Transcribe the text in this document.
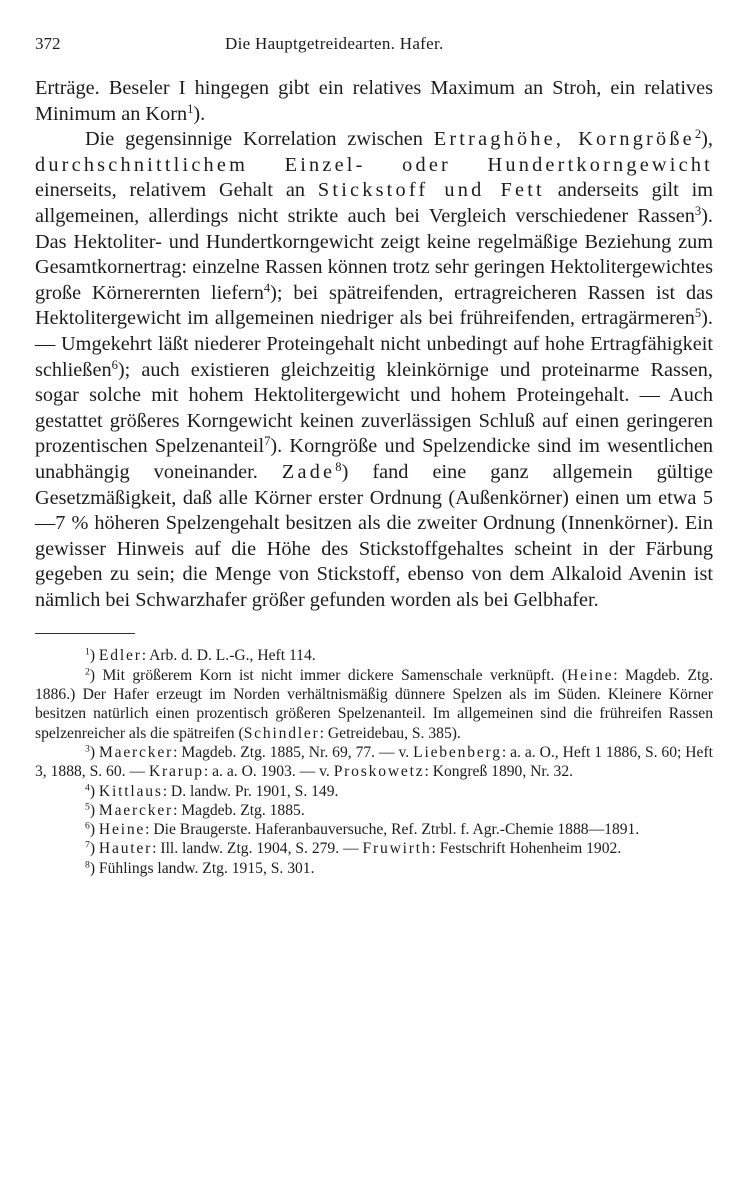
372	Die Hauptgetreidearten. Hafer.

Erträge. Beseler I hingegen gibt ein relatives Maximum an Stroh, ein relatives Minimum an Korn$^1$).

Die gegensinnige Korrelation zwischen Ertraghöhe, Korngröße$^2$), durchschnittlichem Einzel- oder Hundertkorngewicht einerseits, relativem Gehalt an Stickstoff und Fett anderseits gilt im allgemeinen, allerdings nicht strikte auch bei Vergleich verschiedener Rassen$^3$). Das Hektoliter- und Hundertkorngewicht zeigt keine regelmäßige Beziehung zum Gesamtkornertrag: einzelne Rassen können trotz sehr geringen Hektolitergewichtes große Körnerernten liefern$^4$); bei spätreifenden, ertragreicheren Rassen ist das Hektolitergewicht im allgemeinen niedriger als bei frühreifenden, ertragärmeren$^5$). — Umgekehrt läßt niederer Proteingehalt nicht unbedingt auf hohe Ertragfähigkeit schließen$^6$); auch existieren gleichzeitig kleinkörnige und proteinarme Rassen, sogar solche mit hohem Hektolitergewicht und hohem Proteingehalt. — Auch gestattet größeres Korngewicht keinen zuverlässigen Schluß auf einen geringeren prozentischen Spelzenanteil$^7$). Korngröße und Spelzendicke sind im wesentlichen unabhängig voneinander. Zade$^8$) fand eine ganz allgemein gültige Gesetzmäßigkeit, daß alle Körner erster Ordnung (Außenkörner) einen um etwa 5—7 % höheren Spelzengehalt besitzen als die zweiter Ordnung (Innenkörner). Ein gewisser Hinweis auf die Höhe des Stickstoffgehaltes scheint in der Färbung gegeben zu sein; die Menge von Stickstoff, ebenso von dem Alkaloid Avenin ist nämlich bei Schwarzhafer größer gefunden worden als bei Gelbhafer.

$^1$) Edler: Arb. d. D. L.-G., Heft 114.

$^2$) Mit größerem Korn ist nicht immer dickere Samenschale verknüpft. (Heine: Magdeb. Ztg. 1886.) Der Hafer erzeugt im Norden verhältnismäßig dünnere Spelzen als im Süden. Kleinere Körner besitzen natürlich einen prozentisch größeren Spelzenanteil. Im allgemeinen sind die frühreifen Rassen spelzenreicher als die spätreifen (Schindler: Getreidebau, S. 385).

$^3$) Maercker: Magdeb. Ztg. 1885, Nr. 69, 77. — v. Liebenberg: a. a. O., Heft 1 1886, S. 60; Heft 3, 1888, S. 60. — Krarup: a. a. O. 1903. — v. Proskowetz: Kongreß 1890, Nr. 32.

$^4$) Kittlaus: D. landw. Pr. 1901, S. 149.

$^5$) Maercker: Magdeb. Ztg. 1885.

$^6$) Heine: Die Braugerste. Haferanbauversuche, Ref. Ztrbl. f. Agr.-Chemie 1888—1891.

$^7$) Hauter: Ill. landw. Ztg. 1904, S. 279. — Fruwirth: Festschrift Hohenheim 1902.

$^8$) Fühlings landw. Ztg. 1915, S. 301.
